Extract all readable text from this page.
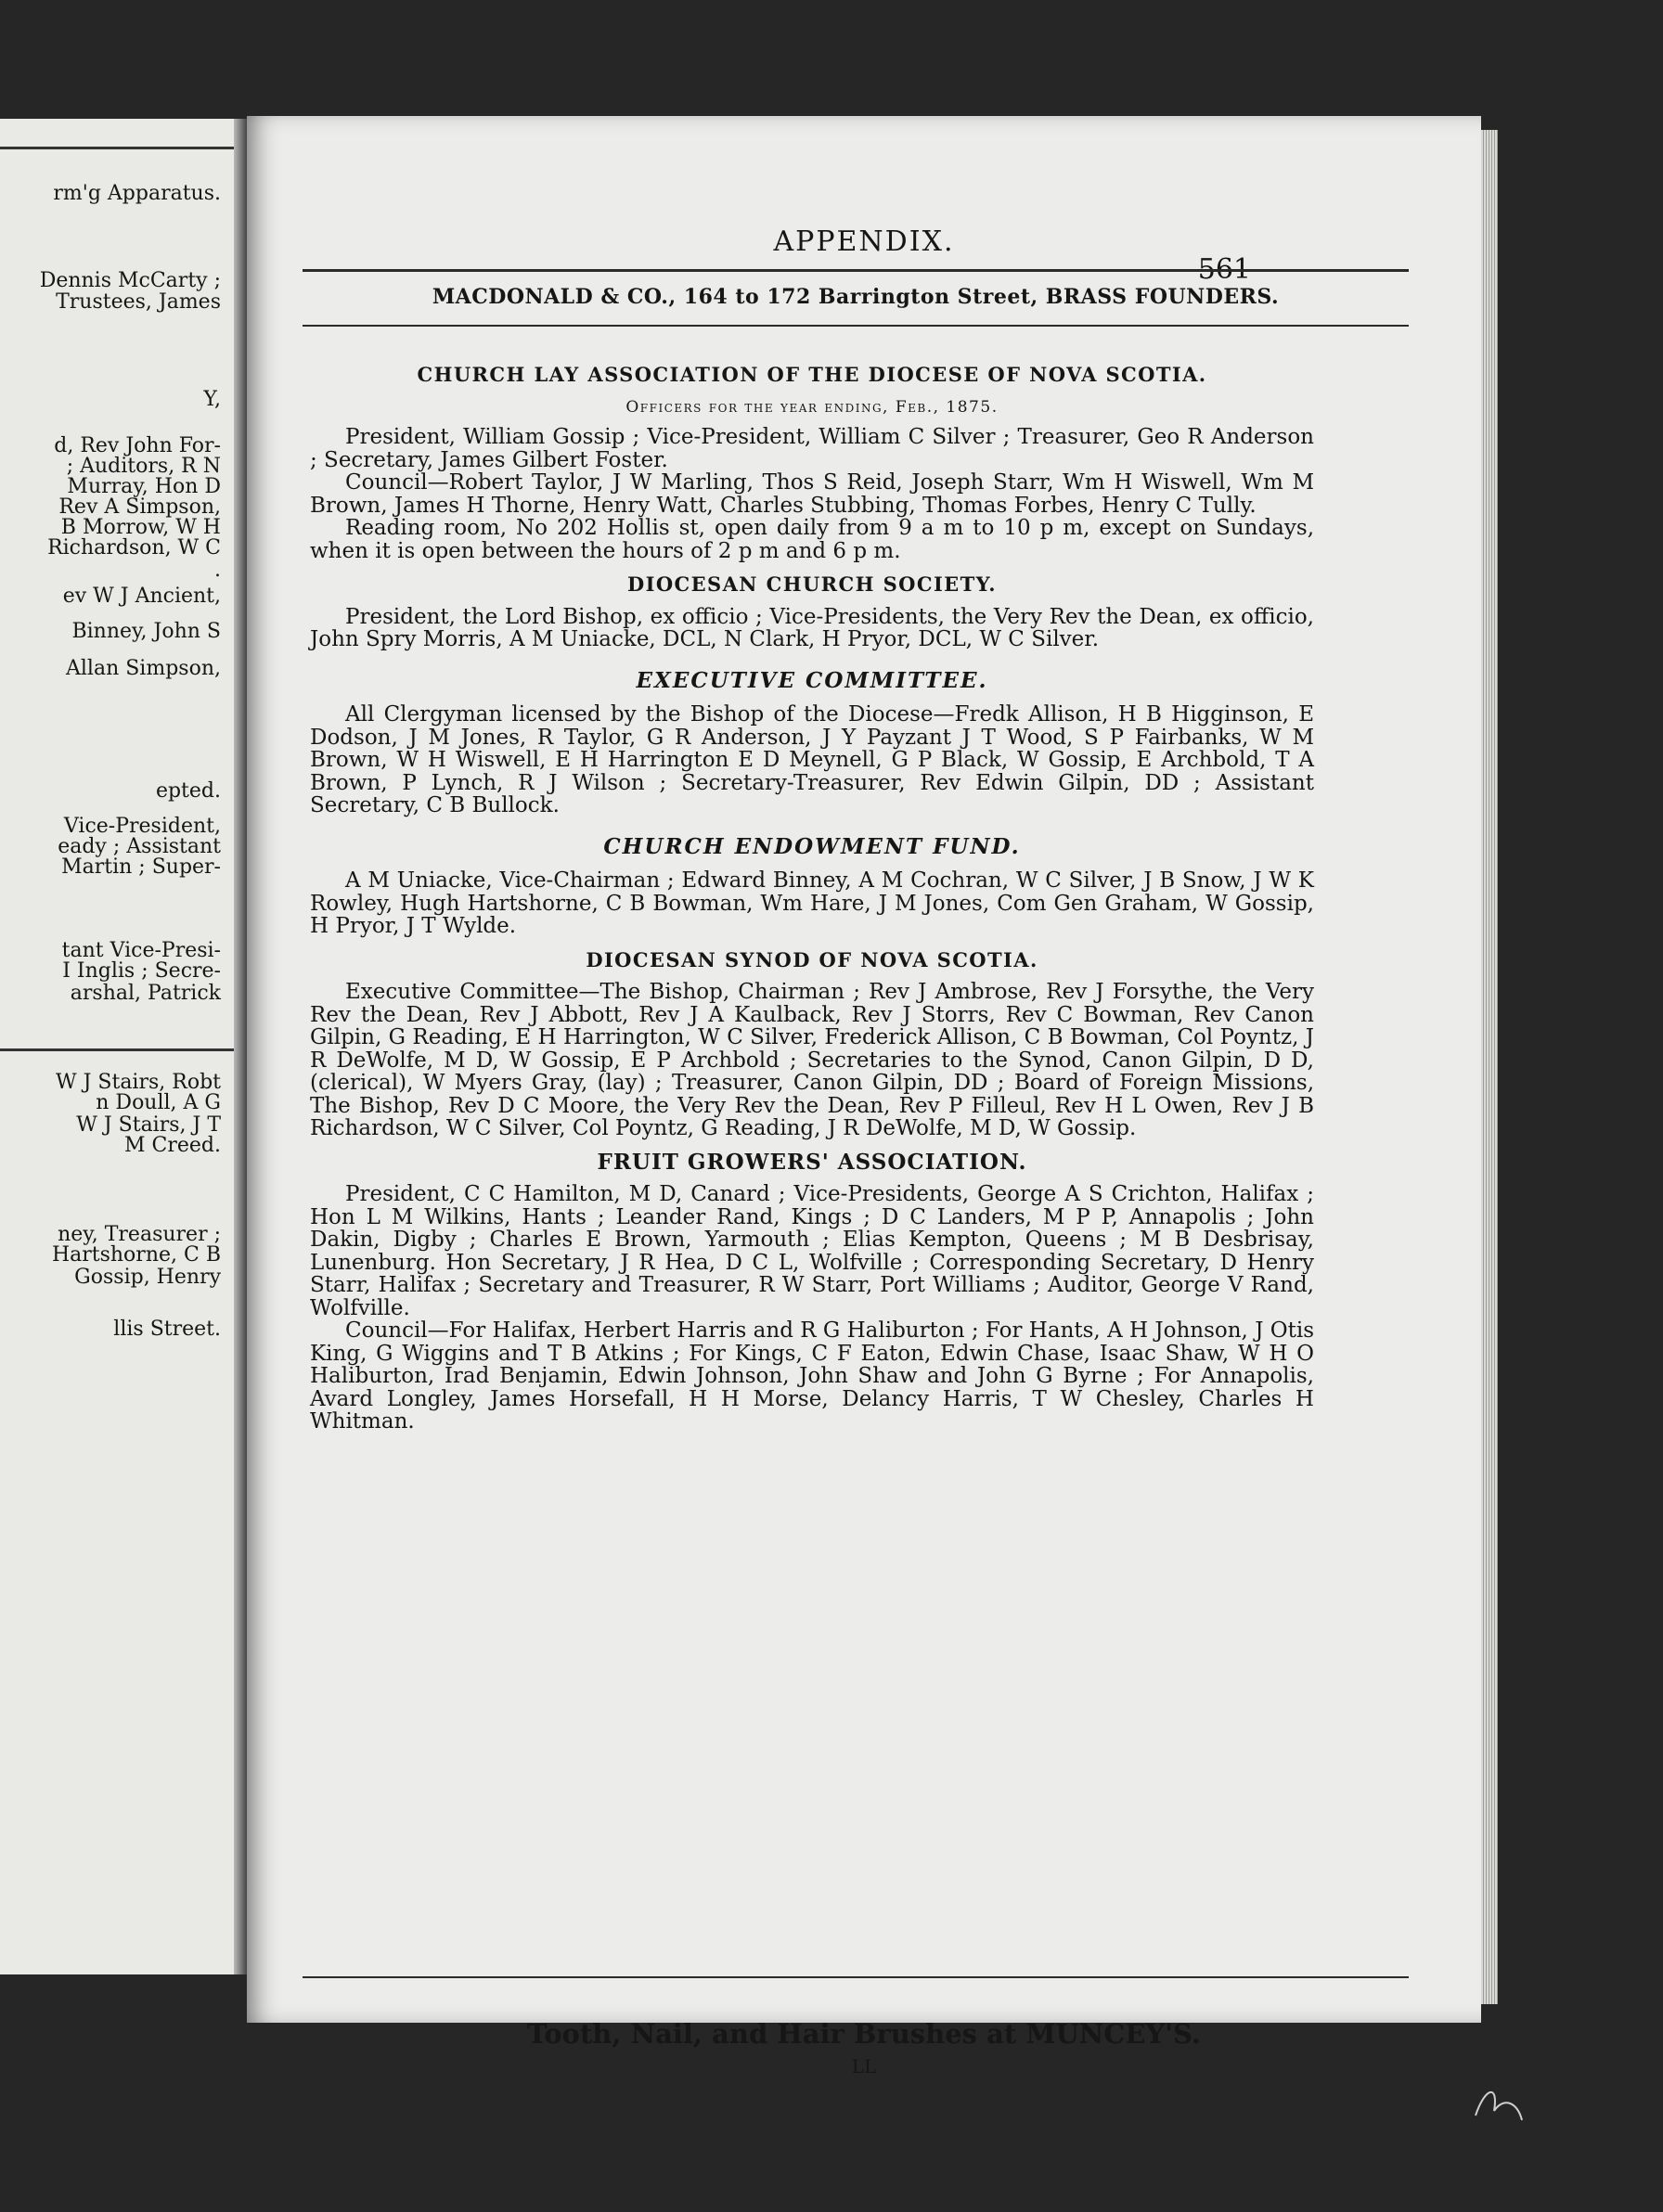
rm'g Apparatus.
Dennis McCarty ;
Trustees, James
Y,
d, Rev John For-
; Auditors, R N
Murray, Hon D
Rev A Simpson,
B Morrow, W H
Richardson, W C
.
ev W J Ancient,
Binney, John S
Allan Simpson,
epted.
Vice-President,
eady ; Assistant
Martin ; Super-
tant Vice-Presi-
I Inglis ; Secre-
arshal, Patrick
W J Stairs, Robt
n Doull, A G
W J Stairs, J T
M Creed.
ney, Treasurer ;
Hartshorne, C B
Gossip, Henry
llis Street.
APPENDIX.
561
MACDONALD & CO., 164 to 172 Barrington Street, BRASS FOUNDERS.
CHURCH LAY ASSOCIATION OF THE DIOCESE OF NOVA SCOTIA.
Officers for the year ending, Feb., 1875.

President, William Gossip ; Vice-President, William C Silver ; Treasurer, Geo R Anderson ; Secretary, James Gilbert Foster.

Council—Robert Taylor, J W Marling, Thos S Reid, Joseph Starr, Wm H Wiswell, Wm M Brown, James H Thorne, Henry Watt, Charles Stubbing, Thomas Forbes, Henry C Tully.

Reading room, No 202 Hollis st, open daily from 9 a m to 10 p m, except on Sundays, when it is open between the hours of 2 p m and 6 p m.

DIOCESAN CHURCH SOCIETY.

President, the Lord Bishop, ex officio ; Vice-Presidents, the Very Rev the Dean, ex officio, John Spry Morris, A M Uniacke, DCL, N Clark, H Pryor, DCL, W C Silver.

EXECUTIVE COMMITTEE.

All Clergyman licensed by the Bishop of the Diocese—Fredk Allison, H B Higginson, E Dodson, J M Jones, R Taylor, G R Anderson, J Y Payzant J T Wood, S P Fairbanks, W M Brown, W H Wiswell, E H Harrington E D Meynell, G P Black, W Gossip, E Archbold, T A Brown, P Lynch, R J Wilson ; Secretary-Treasurer, Rev Edwin Gilpin, DD ; Assistant Secretary, C B Bullock.

CHURCH ENDOWMENT FUND.

A M Uniacke, Vice-Chairman ; Edward Binney, A M Cochran, W C Silver, J B Snow, J W K Rowley, Hugh Hartshorne, C B Bowman, Wm Hare, J M Jones, Com Gen Graham, W Gossip, H Pryor, J T Wylde.

DIOCESAN SYNOD OF NOVA SCOTIA.

Executive Committee—The Bishop, Chairman ; Rev J Ambrose, Rev J Forsythe, the Very Rev the Dean, Rev J Abbott, Rev J A Kaulback, Rev J Storrs, Rev C Bowman, Rev Canon Gilpin, G Reading, E H Harrington, W C Silver, Frederick Allison, C B Bowman, Col Poyntz, J R DeWolfe, M D, W Gossip, E P Archbold ; Secretaries to the Synod, Canon Gilpin, D D, (clerical), W Myers Gray, (lay) ; Treasurer, Canon Gilpin, DD ; Board of Foreign Missions, The Bishop, Rev D C Moore, the Very Rev the Dean, Rev P Filleul, Rev H L Owen, Rev J B Richardson, W C Silver, Col Poyntz, G Reading, J R DeWolfe, M D, W Gossip.

FRUIT GROWERS' ASSOCIATION.

President, C C Hamilton, M D, Canard ; Vice-Presidents, George A S Crichton, Halifax ; Hon L M Wilkins, Hants ; Leander Rand, Kings ; D C Landers, M P P, Annapolis ; John Dakin, Digby ; Charles E Brown, Yarmouth ; Elias Kempton, Queens ; M B Desbrisay, Lunenburg. Hon Secretary, J R Hea, D C L, Wolfville ; Corresponding Secretary, D Henry Starr, Halifax ; Secretary and Treasurer, R W Starr, Port Williams ; Auditor, George V Rand, Wolfville.

Council—For Halifax, Herbert Harris and R G Haliburton ; For Hants, A H Johnson, J Otis King, G Wiggins and T B Atkins ; For Kings, C F Eaton, Edwin Chase, Isaac Shaw, W H O Haliburton, Irad Benjamin, Edwin Johnson, John Shaw and John G Byrne ; For Annapolis, Avard Longley, James Horsefall, H H Morse, Delancy Harris, T W Chesley, Charles H Whitman.

Tooth, Nail, and Hair Brushes at MUNCEY'S.
LL
